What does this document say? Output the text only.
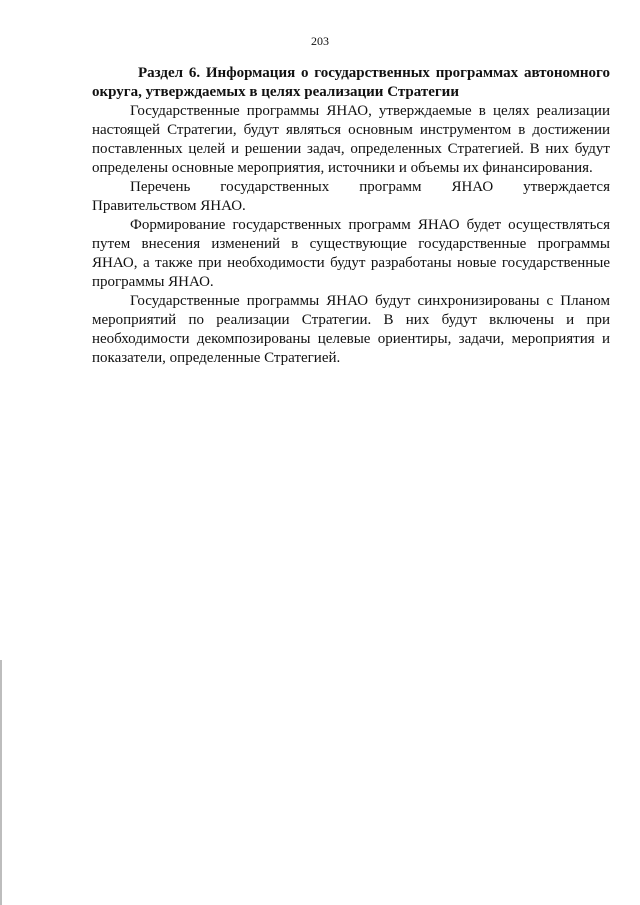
203

Раздел 6. Информация о государственных программах автономного округа, утверждаемых в целях реализации Стратегии

Государственные программы ЯНАО, утверждаемые в целях реализации настоящей Стратегии, будут являться основным инструментом в достижении поставленных целей и решении задач, определенных Стратегией. В них будут определены основные мероприятия, источники и объемы их финансирования.

Перечень государственных программ ЯНАО утверждается Правительством ЯНАО.

Формирование государственных программ ЯНАО будет осуществляться путем внесения изменений в существующие государственные программы ЯНАО, а также при необходимости будут разработаны новые государственные программы ЯНАО.

Государственные программы ЯНАО будут синхронизированы с Планом мероприятий по реализации Стратегии. В них будут включены и при необходимости декомпозированы целевые ориентиры, задачи, мероприятия и показатели, определенные Стратегией.
